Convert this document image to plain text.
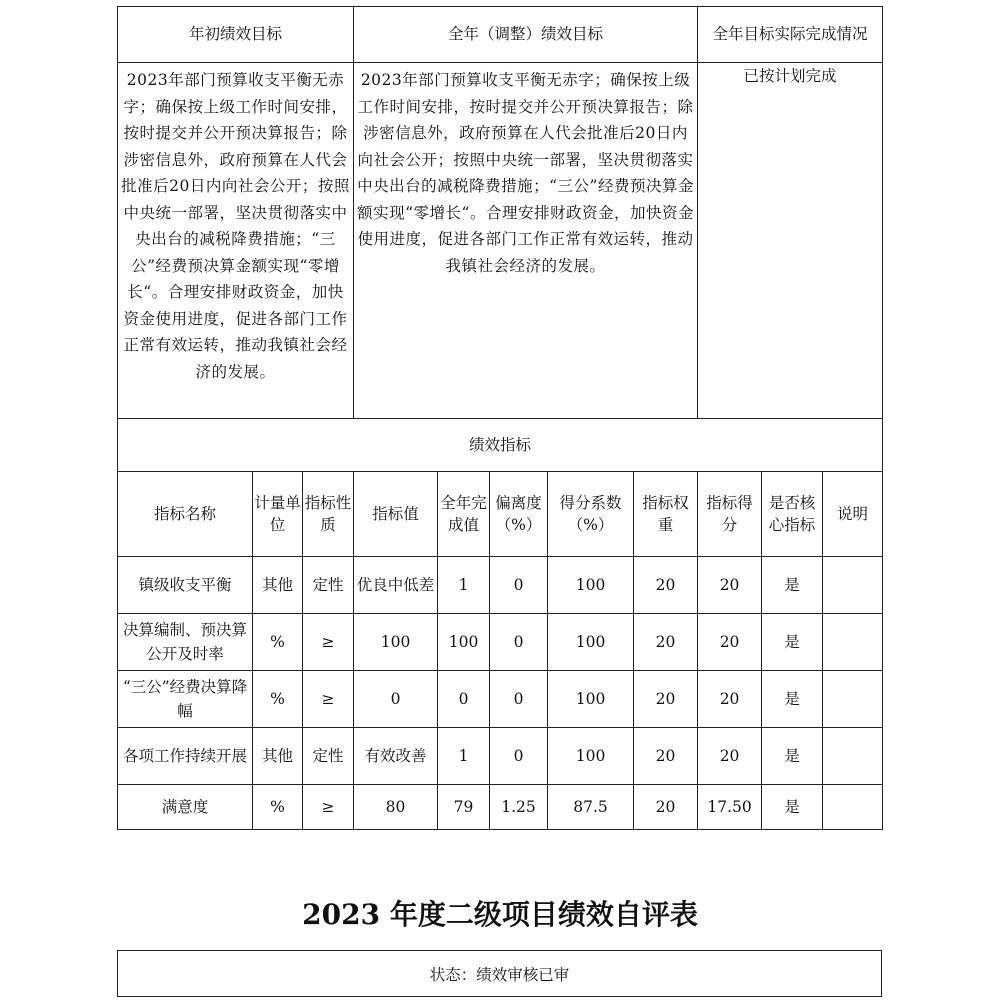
年初绩效目标			全年（调整）绩效目标					全年目标实际完成情况		
2023年部门预算收支平衡无赤字；确保按上级工作时间安排，按时提交并公开预决算报告；除涉密信息外，政府预算在人代会批准后20日内向社会公开；按照中央统一部署，坚决贯彻落实中央出台的减税降费措施；“三公”经费预决算金额实现“零增长“。合理安排财政资金，加快资金使用进度，促进各部门工作正常有效运转，推动我镇社会经济的发展。			2023年部门预算收支平衡无赤字；确保按上级工作时间安排，按时提交并公开预决算报告；除涉密信息外，政府预算在人代会批准后20日内向社会公开；按照中央统一部署，坚决贯彻落实中央出台的减税降费措施；“三公”经费预决算金额实现“零增长“。合理安排财政资金，加快资金使用进度，促进各部门工作正常有效运转，推动我镇社会经济的发展。					已按计划完成		
绩效指标										
指标名称	计量单位	指标性质	指标值	全年完成值	偏离度（%）	得分系数（%）	指标权重	指标得分	是否核心指标	说明
镇级收支平衡	其他	定性	优良中低差	1	0	100	20	20	是	
决算编制、预决算公开及时率	%	≥	100	100	0	100	20	20	是	
“三公”经费决算降幅	%	≥	0	0	0	100	20	20	是	
各项工作持续开展	其他	定性	有效改善	1	0	100	20	20	是	
满意度	%	≥	80	79	1.25	87.5	20	17.50	是	
2023 年度二级项目绩效自评表
状态：绩效审核已审
